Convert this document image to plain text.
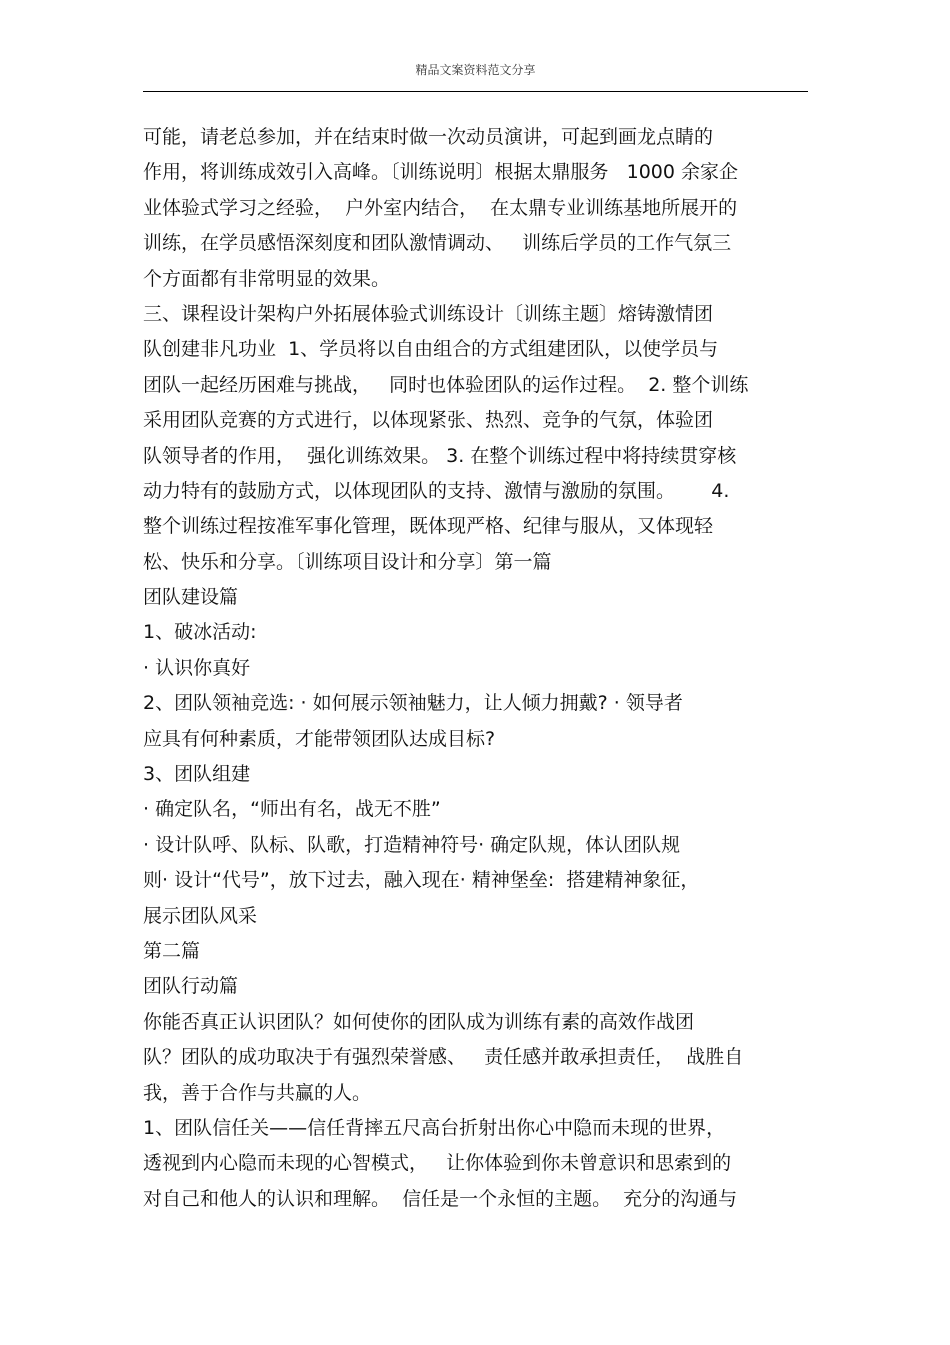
精品文案资料范文分享
可能，请老总参加，并在结束时做一次动员演讲，可起到画龙点睛的
作用，将训练成效引入高峰。〔训练说明〕根据太鼎服务   1000 余家企
业体验式学习之经验，  户外室内结合，  在太鼎专业训练基地所展开的
训练，在学员感悟深刻度和团队激情调动、   训练后学员的工作气氛三
个方面都有非常明显的效果。
三、课程设计架构户外拓展体验式训练设计〔训练主题〕熔铸激情团
队创建非凡功业  1、学员将以自由组合的方式组建团队，以使学员与
团队一起经历困难与挑战，   同时也体验团队的运作过程。  2. 整个训练
采用团队竞赛的方式进行，以体现紧张、热烈、竞争的气氛，体验团
队领导者的作用，  强化训练效果。 3. 在整个训练过程中将持续贯穿核
动力特有的鼓励方式，以体现团队的支持、激情与激励的氛围。      4.
整个训练过程按准军事化管理，既体现严格、纪律与服从，又体现轻
松、快乐和分享。〔训练项目设计和分享〕第一篇
团队建设篇
1、破冰活动:
· 认识你真好
2、团队领袖竞选: · 如何展示领袖魅力，让人倾力拥戴? · 领导者
应具有何种素质，才能带领团队达成目标?
3、团队组建
· 确定队名，“师出有名，战无不胜”
· 设计队呼、队标、队歌，打造精神符号· 确定队规，体认团队规
则· 设计“代号”，放下过去，融入现在· 精神堡垒:  搭建精神象征，
展示团队风采
第二篇
团队行动篇
你能否真正认识团队？如何使你的团队成为训练有素的高效作战团
队？团队的成功取决于有强烈荣誉感、   责任感并敢承担责任，  战胜自
我，善于合作与共赢的人。
1、团队信任关——信任背摔五尺高台折射出你心中隐而未现的世界，
透视到内心隐而未现的心智模式，   让你体验到你未曾意识和思索到的
对自己和他人的认识和理解。  信任是一个永恒的主题。  充分的沟通与
